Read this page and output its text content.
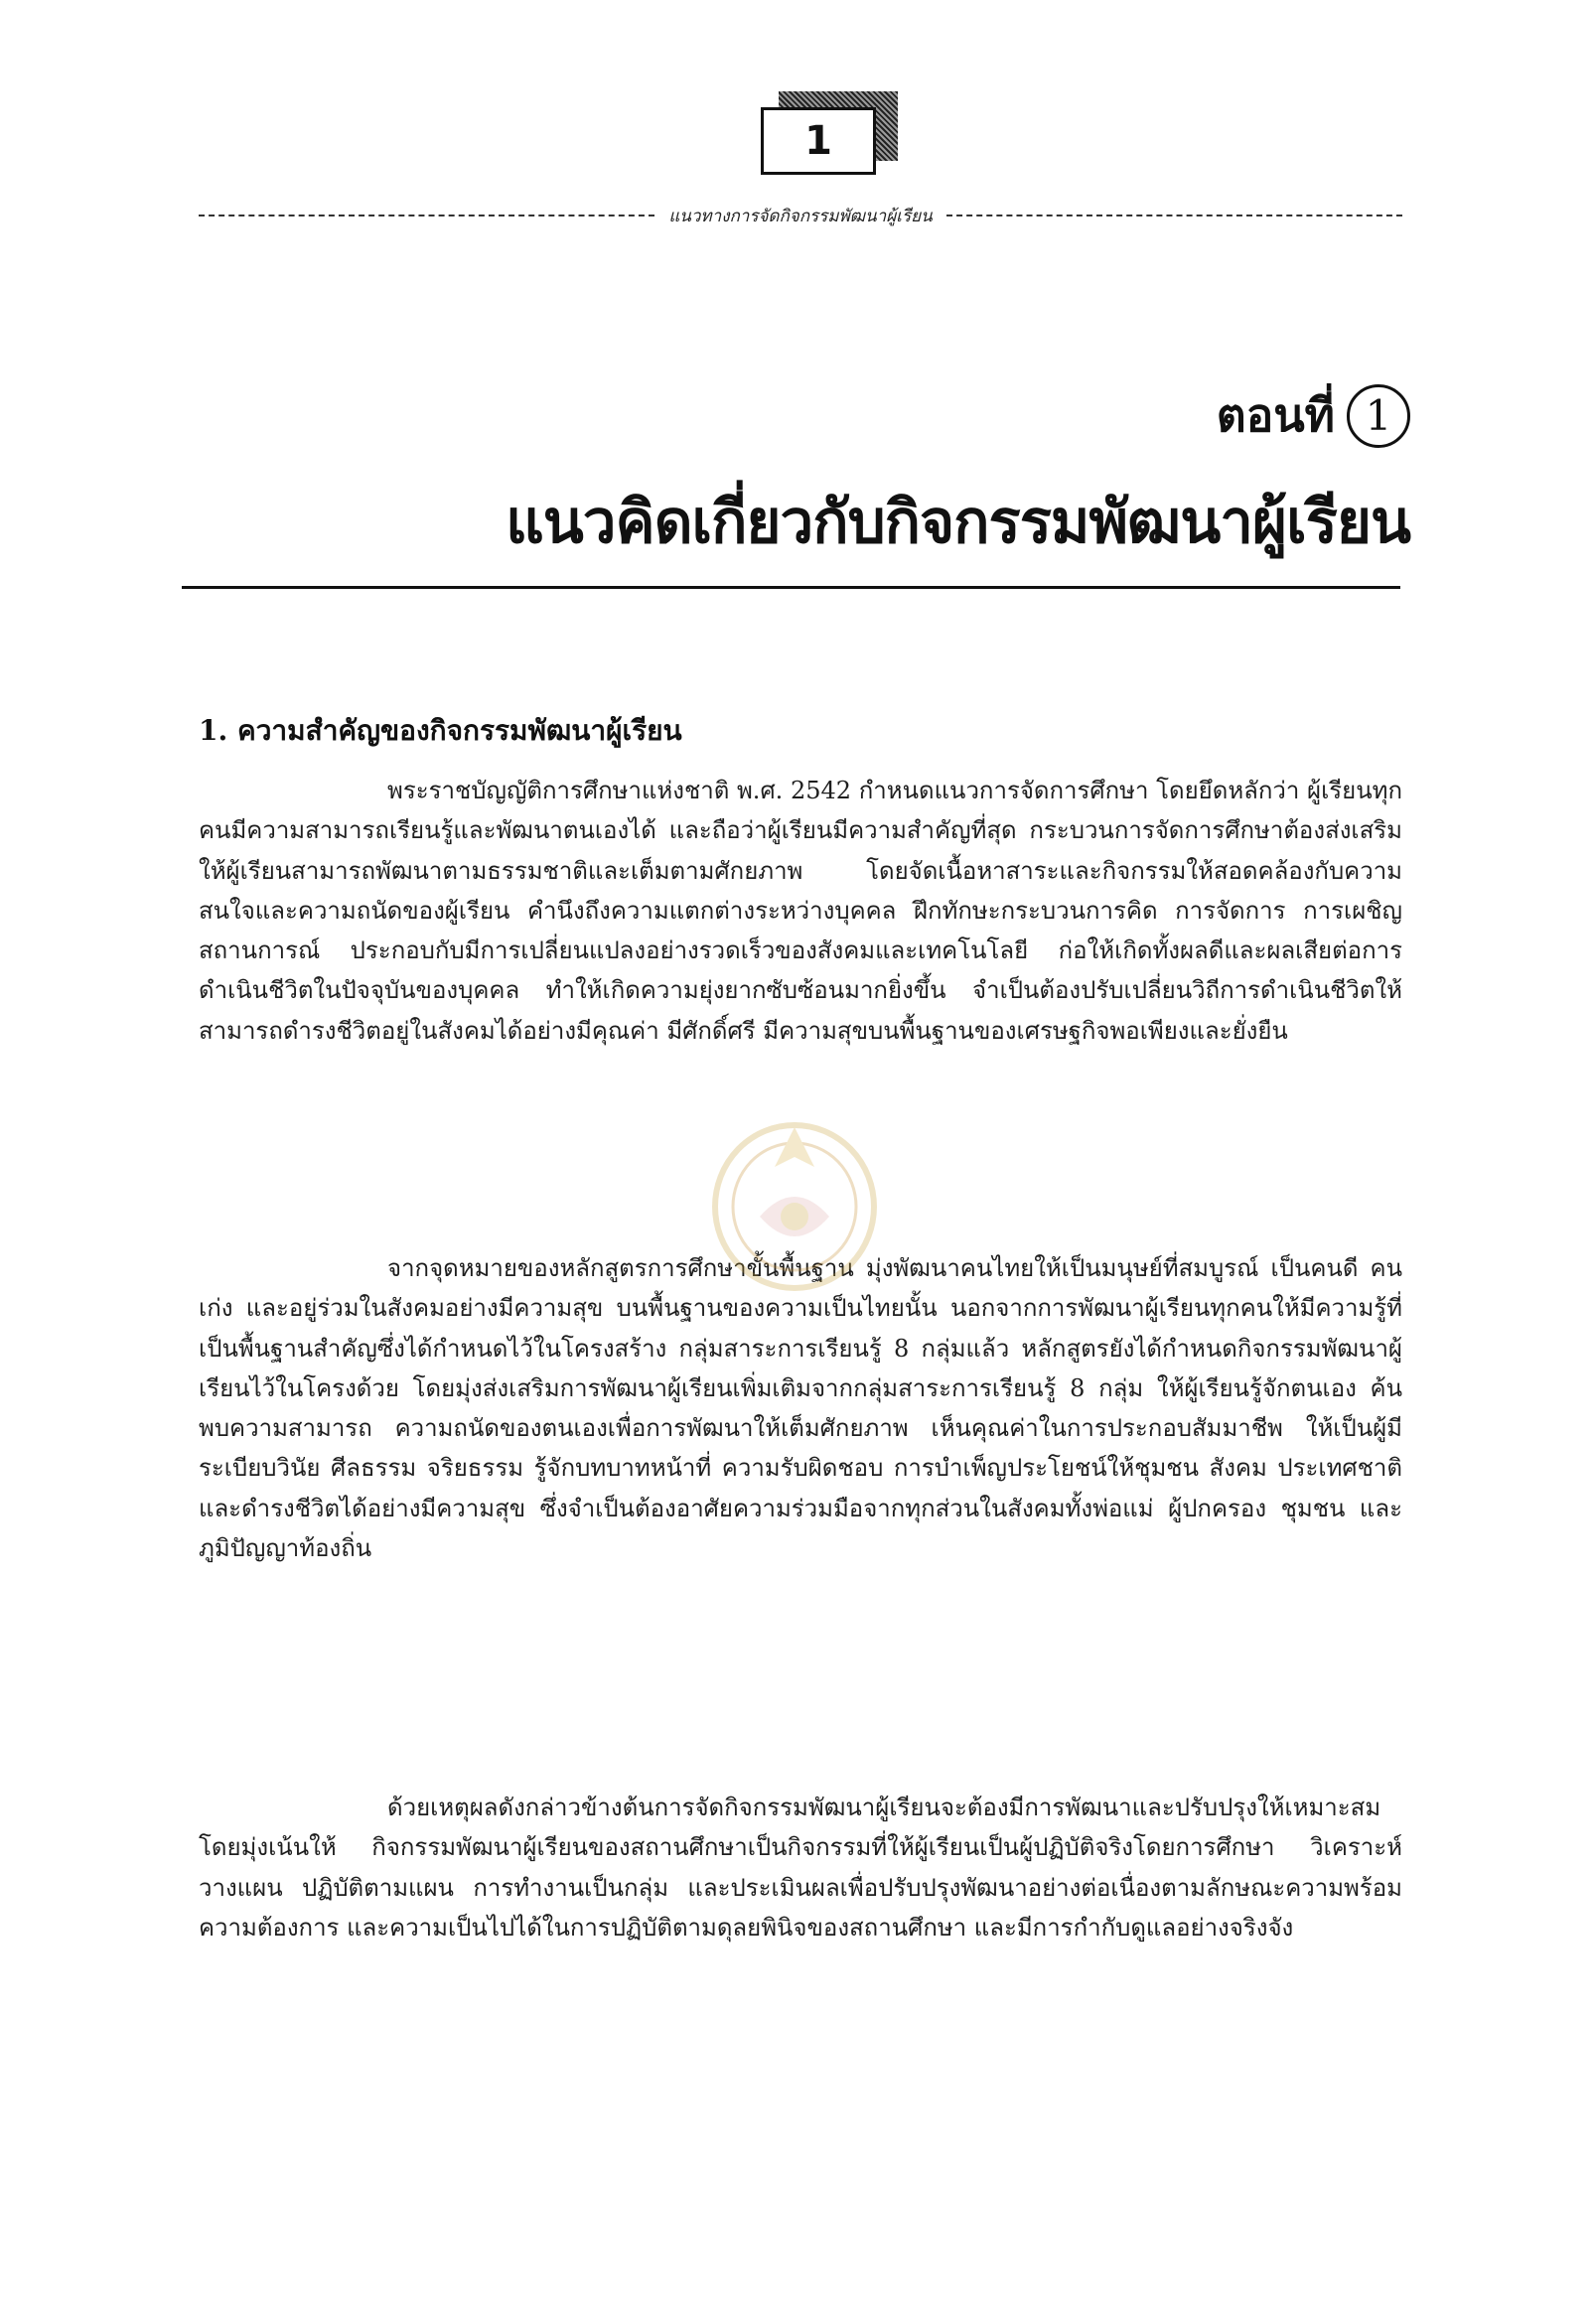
1
แนวทางการจัดกิจกรรมพัฒนาผู้เรียน
ตอนที่ 1
แนวคิดเกี่ยวกับกิจกรรมพัฒนาผู้เรียน
1. ความสำคัญของกิจกรรมพัฒนาผู้เรียน

พระราชบัญญัติการศึกษาแห่งชาติ พ.ศ. 2542 กำหนดแนวการจัดการศึกษา โดยยึดหลักว่า ผู้เรียนทุกคนมีความสามารถเรียนรู้และพัฒนาตนเองได้ และถือว่าผู้เรียนมีความสำคัญที่สุด กระบวนการจัดการศึกษาต้องส่งเสริมให้ผู้เรียนสามารถพัฒนาตามธรรมชาติและเต็มตามศักยภาพ โดยจัดเนื้อหาสาระและกิจกรรมให้สอดคล้องกับความสนใจและความถนัดของผู้เรียน คำนึงถึงความแตกต่างระหว่างบุคคล ฝึกทักษะกระบวนการคิด การจัดการ การเผชิญสถานการณ์ ประกอบกับมีการเปลี่ยนแปลงอย่างรวดเร็วของสังคมและเทคโนโลยี ก่อให้เกิดทั้งผลดีและผลเสียต่อการดำเนินชีวิตในปัจจุบันของบุคคล ทำให้เกิดความยุ่งยากซับซ้อนมากยิ่งขึ้น จำเป็นต้องปรับเปลี่ยนวิถีการดำเนินชีวิตให้สามารถดำรงชีวิตอยู่ในสังคมได้อย่างมีคุณค่า มีศักดิ์ศรี มีความสุขบนพื้นฐานของเศรษฐกิจพอเพียงและยั่งยืน

จากจุดหมายของหลักสูตรการศึกษาขั้นพื้นฐาน มุ่งพัฒนาคนไทยให้เป็นมนุษย์ที่สมบูรณ์ เป็นคนดี คนเก่ง และอยู่ร่วมในสังคมอย่างมีความสุข บนพื้นฐานของความเป็นไทยนั้น นอกจากการพัฒนาผู้เรียนทุกคนให้มีความรู้ที่เป็นพื้นฐานสำคัญซึ่งได้กำหนดไว้ในโครงสร้าง กลุ่มสาระการเรียนรู้ 8 กลุ่มแล้ว หลักสูตรยังได้กำหนดกิจกรรมพัฒนาผู้เรียนไว้ในโครงด้วย โดยมุ่งส่งเสริมการพัฒนาผู้เรียนเพิ่มเติมจากกลุ่มสาระการเรียนรู้ 8 กลุ่ม ให้ผู้เรียนรู้จักตนเอง ค้นพบความสามารถ ความถนัดของตนเองเพื่อการพัฒนาให้เต็มศักยภาพ เห็นคุณค่าในการประกอบสัมมาชีพ ให้เป็นผู้มีระเบียบวินัย ศีลธรรม จริยธรรม รู้จักบทบาทหน้าที่ ความรับผิดชอบ การบำเพ็ญประโยชน์ให้ชุมชน สังคม ประเทศชาติและดำรงชีวิตได้อย่างมีความสุข ซึ่งจำเป็นต้องอาศัยความร่วมมือจากทุกส่วนในสังคมทั้งพ่อแม่ ผู้ปกครอง ชุมชน และภูมิปัญญาท้องถิ่น

ด้วยเหตุผลดังกล่าวข้างต้นการจัดกิจกรรมพัฒนาผู้เรียนจะต้องมีการพัฒนาและปรับปรุงให้เหมาะสมโดยมุ่งเน้นให้ กิจกรรมพัฒนาผู้เรียนของสถานศึกษาเป็นกิจกรรมที่ให้ผู้เรียนเป็นผู้ปฏิบัติจริงโดยการศึกษา วิเคราะห์ วางแผน ปฏิบัติตามแผน การทำงานเป็นกลุ่ม และประเมินผลเพื่อปรับปรุงพัฒนาอย่างต่อเนื่องตามลักษณะความพร้อม ความต้องการ และความเป็นไปได้ในการปฏิบัติตามดุลยพินิจของสถานศึกษา และมีการกำกับดูแลอย่างจริงจัง
